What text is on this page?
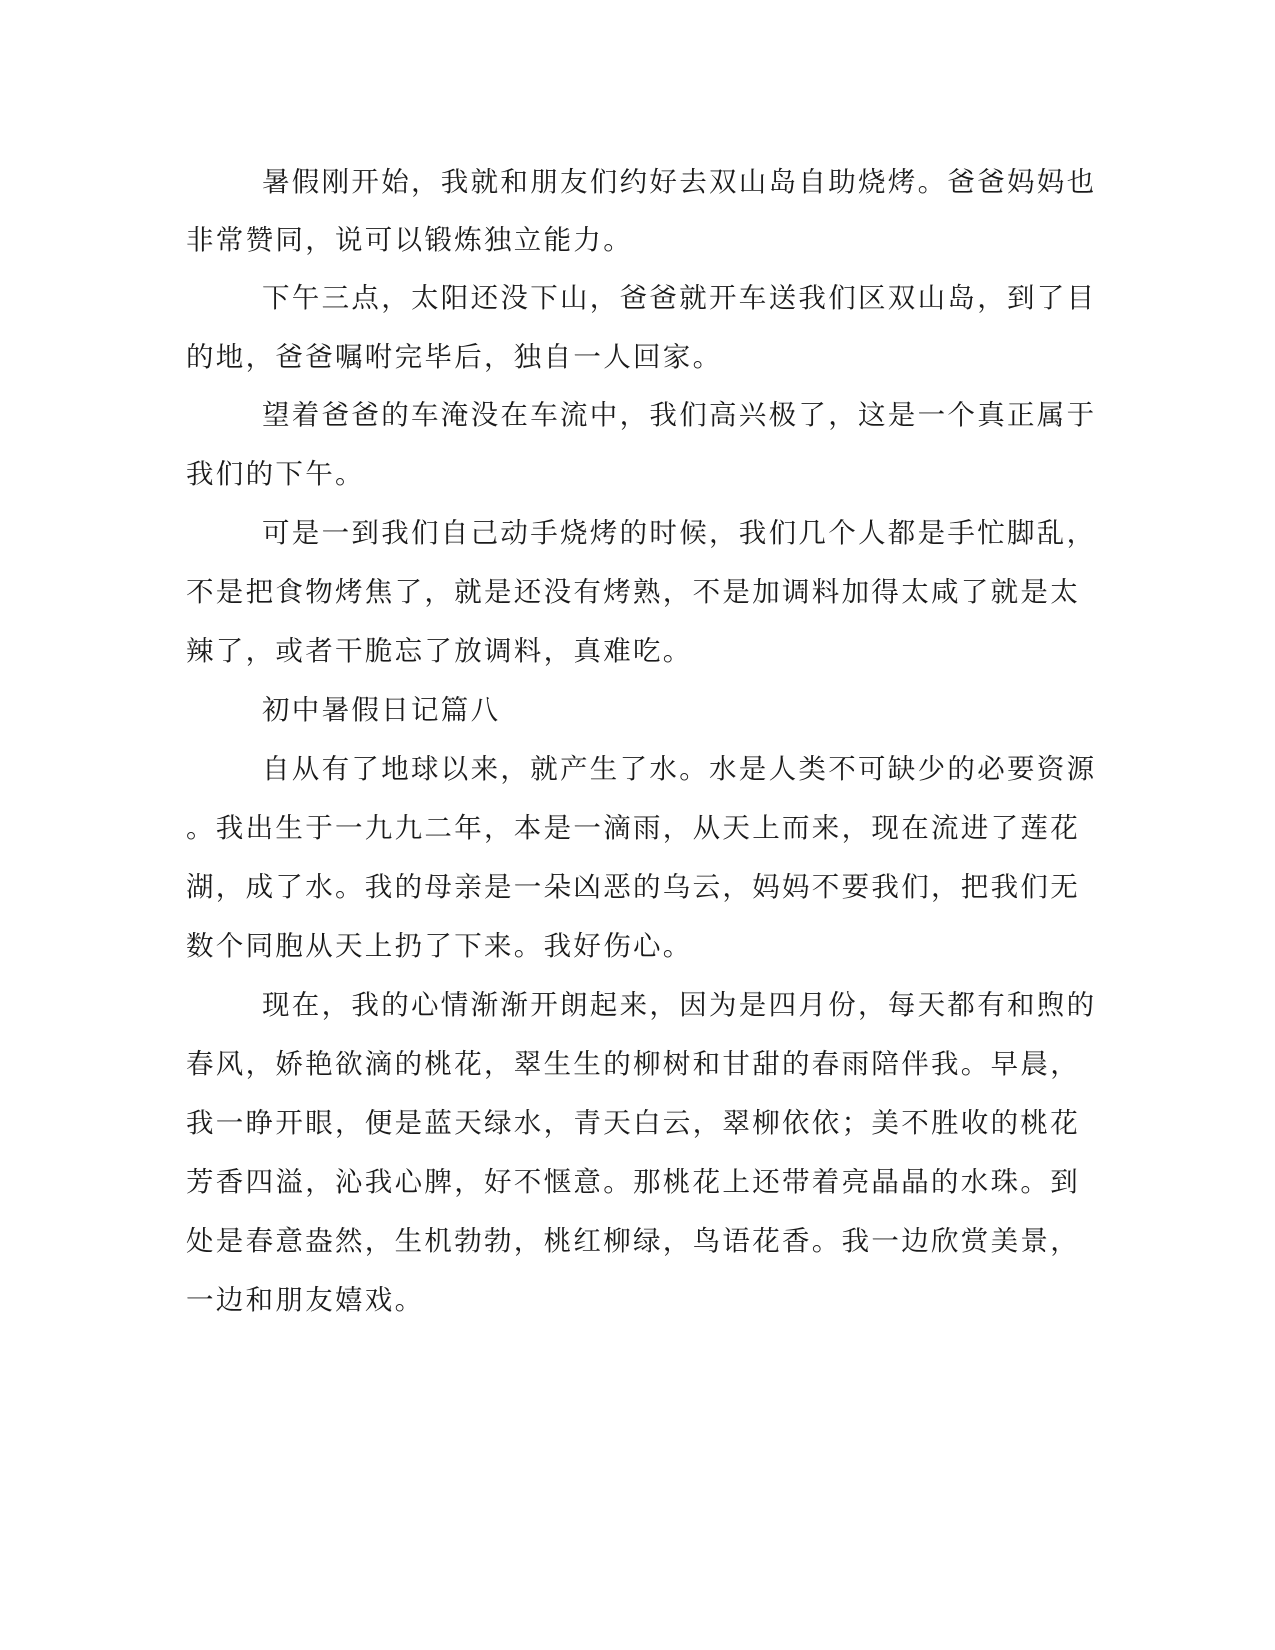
暑假刚开始，我就和朋友们约好去双山岛自助烧烤。爸爸妈妈也
非常赞同，说可以锻炼独立能力。
下午三点，太阳还没下山，爸爸就开车送我们区双山岛，到了目
的地，爸爸嘱咐完毕后，独自一人回家。
望着爸爸的车淹没在车流中，我们高兴极了，这是一个真正属于
我们的下午。
可是一到我们自己动手烧烤的时候，我们几个人都是手忙脚乱，
不是把食物烤焦了，就是还没有烤熟，不是加调料加得太咸了就是太
辣了，或者干脆忘了放调料，真难吃。
初中暑假日记篇八
自从有了地球以来，就产生了水。水是人类不可缺少的必要资源
。我出生于一九九二年，本是一滴雨，从天上而来，现在流进了莲花
湖，成了水。我的母亲是一朵凶恶的乌云，妈妈不要我们，把我们无
数个同胞从天上扔了下来。我好伤心。
现在，我的心情渐渐开朗起来，因为是四月份，每天都有和煦的
春风，娇艳欲滴的桃花，翠生生的柳树和甘甜的春雨陪伴我。早晨，
我一睁开眼，便是蓝天绿水，青天白云，翠柳依依；美不胜收的桃花
芳香四溢，沁我心脾，好不惬意。那桃花上还带着亮晶晶的水珠。到
处是春意盎然，生机勃勃，桃红柳绿，鸟语花香。我一边欣赏美景，
一边和朋友嬉戏。
